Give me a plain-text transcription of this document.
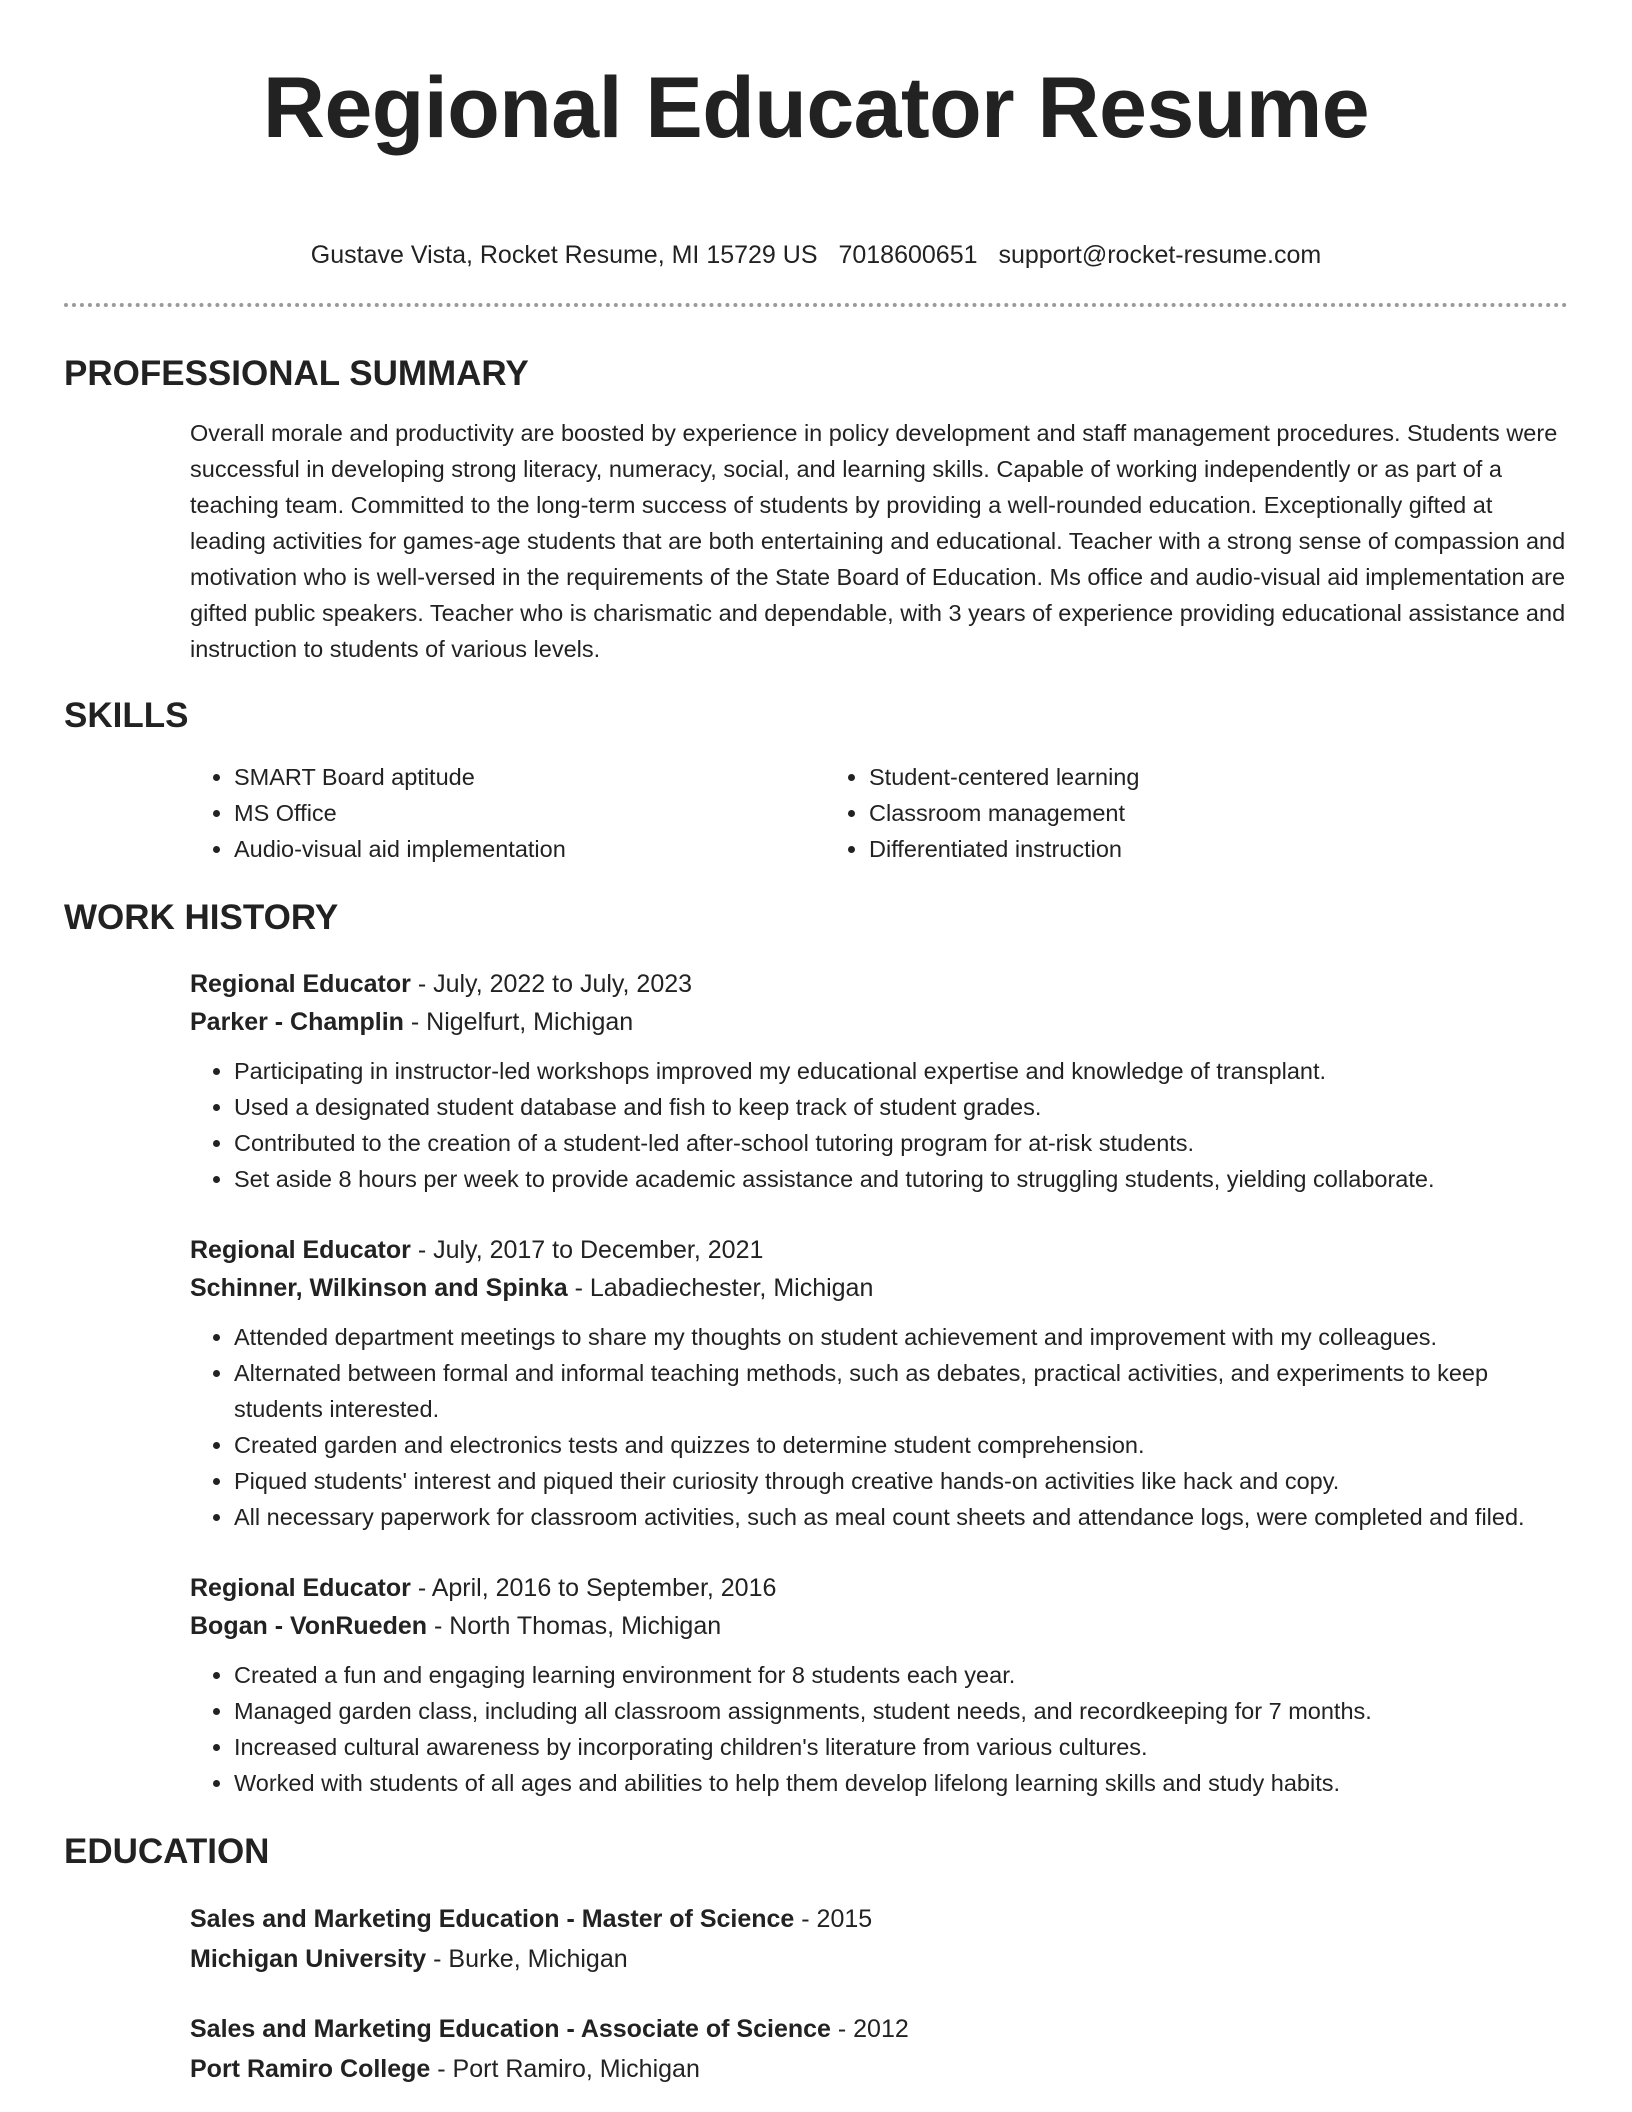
Regional Educator Resume
Gustave Vista, Rocket Resume, MI 15729 US 7018600651 support@rocket-resume.com
PROFESSIONAL SUMMARY

Overall morale and productivity are boosted by experience in policy development and staff management procedures. Students were successful in developing strong literacy, numeracy, social, and learning skills. Capable of working independently or as part of a teaching team. Committed to the long-term success of students by providing a well-rounded education. Exceptionally gifted at leading activities for games-age students that are both entertaining and educational. Teacher with a strong sense of compassion and motivation who is well-versed in the requirements of the State Board of Education. Ms office and audio-visual aid implementation are gifted public speakers. Teacher who is charismatic and dependable, with 3 years of experience providing educational assistance and instruction to students of various levels.

SKILLS
• SMART Board aptitude
• MS Office
• Audio-visual aid implementation
• Student-centered learning
• Classroom management
• Differentiated instruction
WORK HISTORY
Regional Educator - July, 2022 to July, 2023
Parker - Champlin - Nigelfurt, Michigan
• Participating in instructor-led workshops improved my educational expertise and knowledge of transplant.
• Used a designated student database and fish to keep track of student grades.
• Contributed to the creation of a student-led after-school tutoring program for at-risk students.
• Set aside 8 hours per week to provide academic assistance and tutoring to struggling students, yielding collaborate.
Regional Educator - July, 2017 to December, 2021
Schinner, Wilkinson and Spinka - Labadiechester, Michigan
• Attended department meetings to share my thoughts on student achievement and improvement with my colleagues.
• Alternated between formal and informal teaching methods, such as debates, practical activities, and experiments to keep students interested.
• Created garden and electronics tests and quizzes to determine student comprehension.
• Piqued students' interest and piqued their curiosity through creative hands-on activities like hack and copy.
• All necessary paperwork for classroom activities, such as meal count sheets and attendance logs, were completed and filed.
Regional Educator - April, 2016 to September, 2016
Bogan - VonRueden - North Thomas, Michigan
• Created a fun and engaging learning environment for 8 students each year.
• Managed garden class, including all classroom assignments, student needs, and recordkeeping for 7 months.
• Increased cultural awareness by incorporating children's literature from various cultures.
• Worked with students of all ages and abilities to help them develop lifelong learning skills and study habits.
EDUCATION
Sales and Marketing Education - Master of Science - 2015
Michigan University - Burke, Michigan
Sales and Marketing Education - Associate of Science - 2012
Port Ramiro College - Port Ramiro, Michigan
